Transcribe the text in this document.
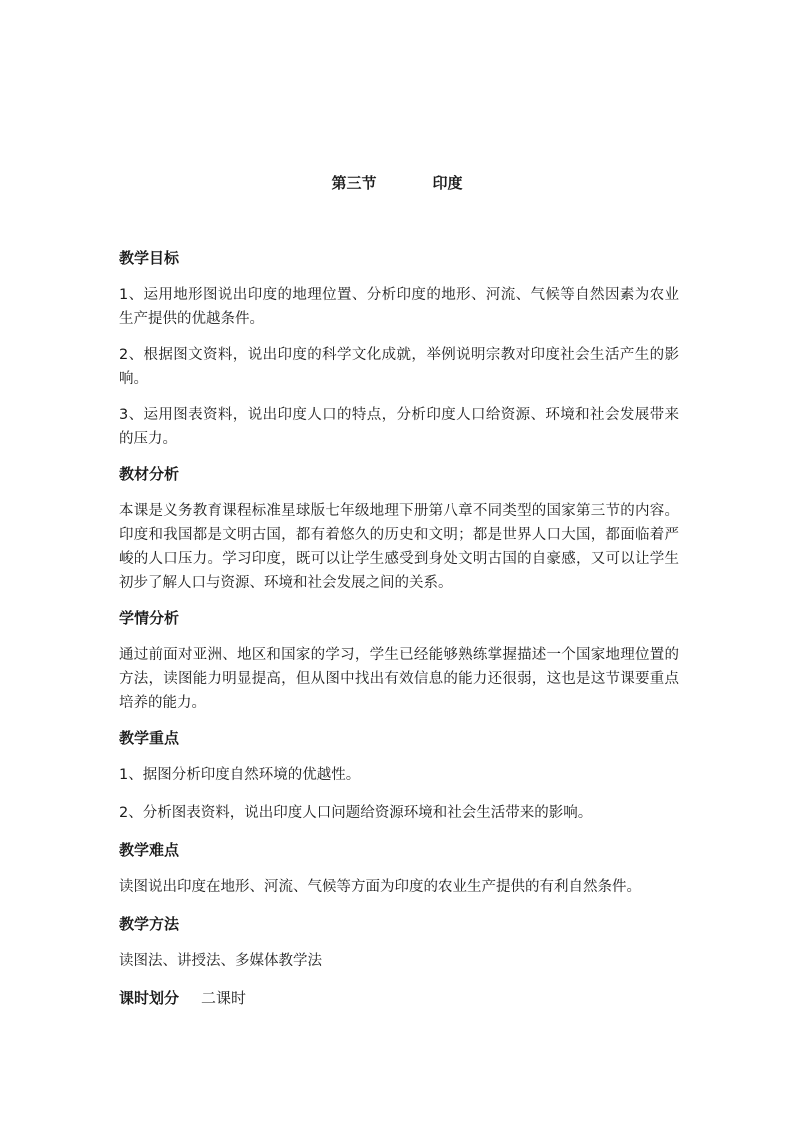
第三节	印度
教学目标
1、运用地形图说出印度的地理位置、分析印度的地形、河流、气候等自然因素为农业生产提供的优越条件。
2、根据图文资料，说出印度的科学文化成就，举例说明宗教对印度社会生活产生的影响。
3、运用图表资料，说出印度人口的特点，分析印度人口给资源、环境和社会发展带来的压力。
教材分析
本课是义务教育课程标准星球版七年级地理下册第八章不同类型的国家第三节的内容。印度和我国都是文明古国，都有着悠久的历史和文明；都是世界人口大国，都面临着严峻的人口压力。学习印度，既可以让学生感受到身处文明古国的自豪感，又可以让学生初步了解人口与资源、环境和社会发展之间的关系。
学情分析
通过前面对亚洲、地区和国家的学习，学生已经能够熟练掌握描述一个国家地理位置的方法，读图能力明显提高，但从图中找出有效信息的能力还很弱，这也是这节课要重点培养的能力。
教学重点
1、据图分析印度自然环境的优越性。
2、分析图表资料，说出印度人口问题给资源环境和社会生活带来的影响。
教学难点
读图说出印度在地形、河流、气候等方面为印度的农业生产提供的有利自然条件。
教学方法
读图法、讲授法、多媒体教学法
课时划分 二课时
